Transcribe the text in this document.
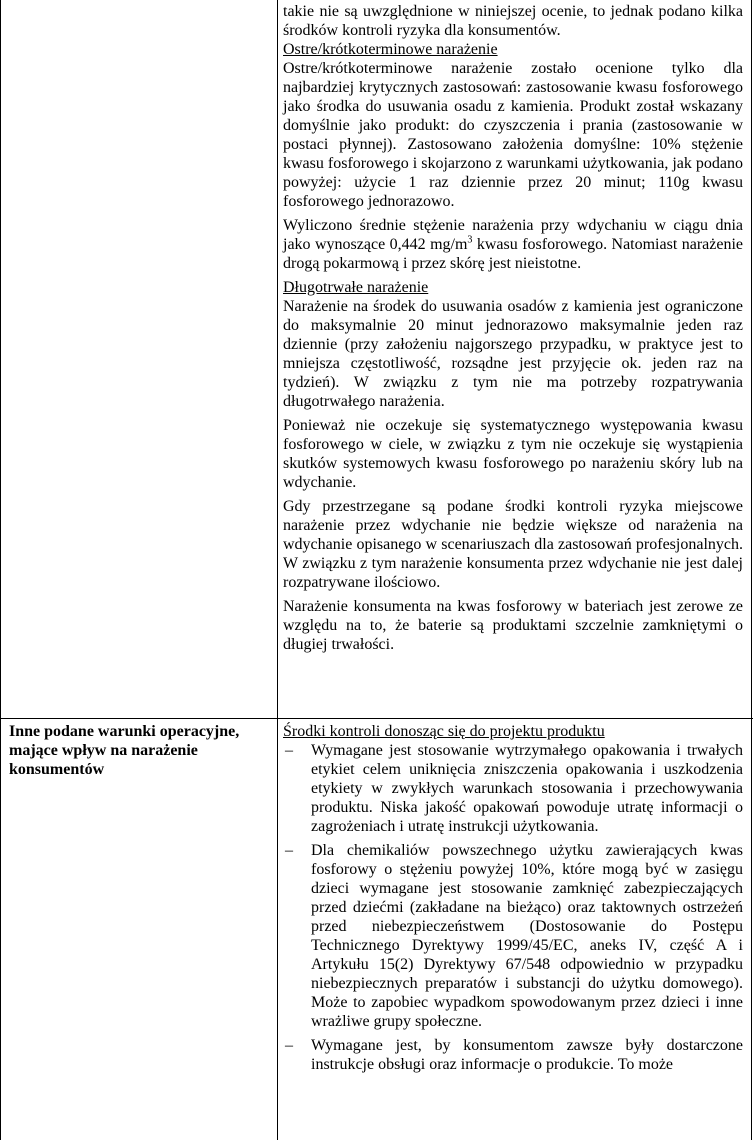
takie nie są uwzględnione w niniejszej ocenie, to jednak podano kilka środków kontroli ryzyka dla konsumentów.

Ostre/krótkoterminowe narażenie

Ostre/krótkoterminowe narażenie zostało ocenione tylko dla najbardziej krytycznych zastosowań: zastosowanie kwasu fosforowego jako środka do usuwania osadu z kamienia. Produkt został wskazany domyślnie jako produkt: do czyszczenia i prania (zastosowanie w postaci płynnej). Zastosowano założenia domyślne: 10% stężenie kwasu fosforowego i skojarzono z warunkami użytkowania, jak podano powyżej: użycie 1 raz dziennie przez 20 minut; 110g kwasu fosforowego jednorazowo.

Wyliczono średnie stężenie narażenia przy wdychaniu w ciągu dnia jako wynoszące 0,442 $mg/m^3$ kwasu fosforowego. Natomiast narażenie drogą pokarmową i przez skórę jest nieistotne.

Długotrwałe narażenie

Narażenie na środek do usuwania osadów z kamienia jest ograniczone do maksymalnie 20 minut jednorazowo maksymalnie jeden raz dziennie (przy założeniu najgorszego przypadku, w praktyce jest to mniejsza częstotliwość, rozsądne jest przyjęcie ok. jeden raz na tydzień). W związku z tym nie ma potrzeby rozpatrywania długotrwałego narażenia.

Ponieważ nie oczekuje się systematycznego występowania kwasu fosforowego w ciele, w związku z tym nie oczekuje się wystąpienia skutków systemowych kwasu fosforowego po narażeniu skóry lub na wdychanie.

Gdy przestrzegane są podane środki kontroli ryzyka miejscowe narażenie przez wdychanie nie będzie większe od narażenia na wdychanie opisanego w scenariuszach dla zastosowań profesjonalnych. W związku z tym narażenie konsumenta przez wdychanie nie jest dalej rozpatrywane ilościowo.

Narażenie konsumenta na kwas fosforowy w bateriach jest zerowe ze względu na to, że baterie są produktami szczelnie zamkniętymi o długiej trwałości.

Inne podane warunki operacyjne, mające wpływ na narażenie konsumentów
Środki kontroli donosząc się do projektu produktu
– Wymagane jest stosowanie wytrzymałego opakowania i trwałych etykiet celem uniknięcia zniszczenia opakowania i uszkodzenia etykiety w zwykłych warunkach stosowania i przechowywania produktu. Niska jakość opakowań powoduje utratę informacji o zagrożeniach i utratę instrukcji użytkowania.
– Dla chemikaliów powszechnego użytku zawierających kwas fosforowy o stężeniu powyżej 10%, które mogą być w zasięgu dzieci wymagane jest stosowanie zamknięć zabezpieczających przed dziećmi (zakładane na bieżąco) oraz taktownych ostrzeżeń przed niebezpieczeństwem (Dostosowanie do Postępu Technicznego Dyrektywy 1999/45/EC, aneks IV, część A i Artykułu 15(2) Dyrektywy 67/548 odpowiednio w przypadku niebezpiecznych preparatów i substancji do użytku domowego). Może to zapobiec wypadkom spowodowanym przez dzieci i inne wrażliwe grupy społeczne.
– Wymagane jest, by konsumentom zawsze były dostarczone instrukcje obsługi oraz informacje o produkcie. To może
